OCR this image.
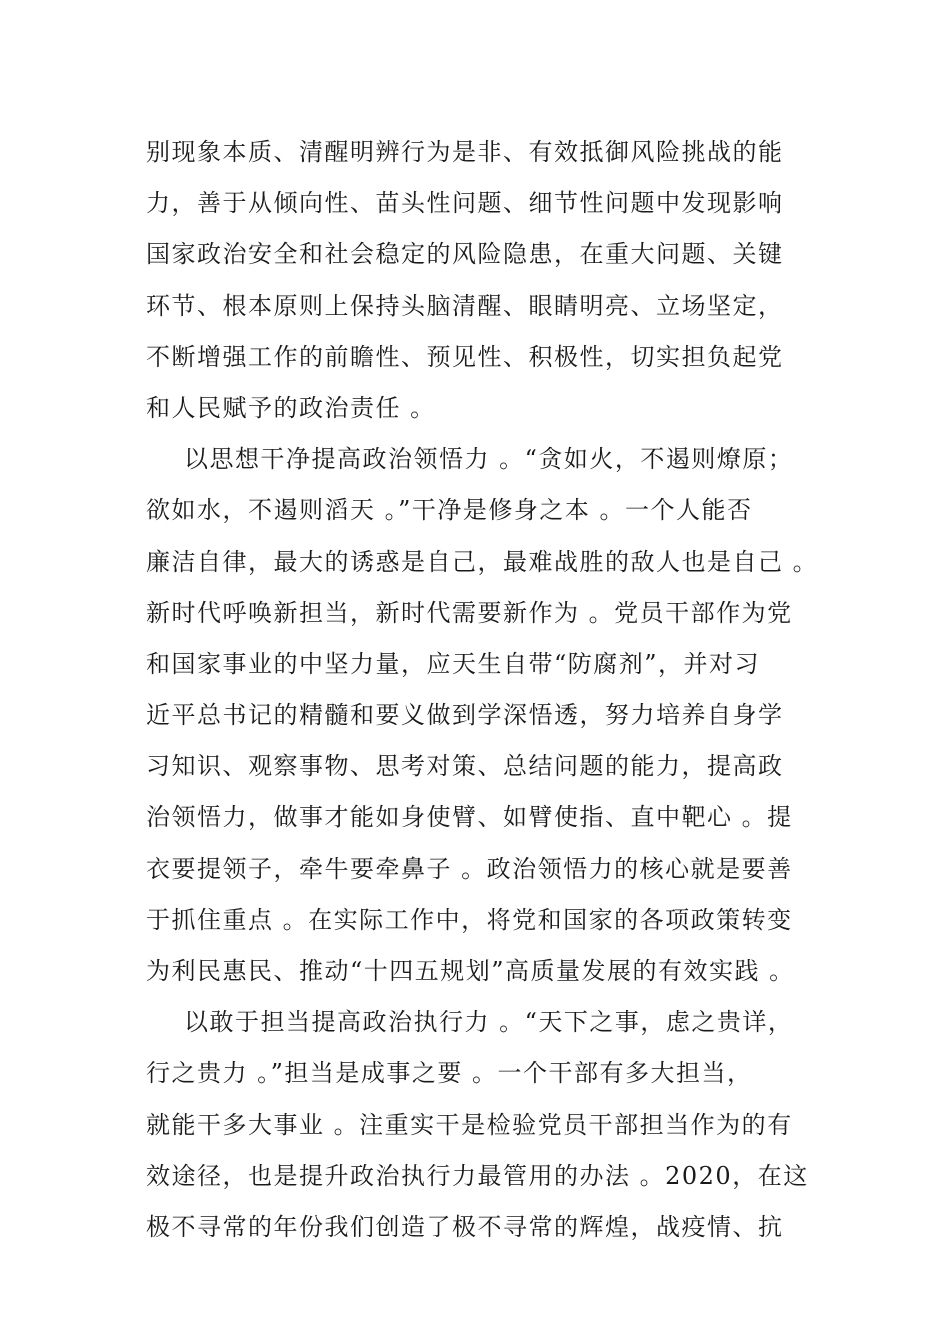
别现象本质、清醒明辨行为是非、有效抵御风险挑战的能
力，善于从倾向性、苗头性问题、细节性问题中发现影响
国家政治安全和社会稳定的风险隐患，在重大问题、关键
环节、根本原则上保持头脑清醒、眼睛明亮、立场坚定，
不断增强工作的前瞻性、预见性、积极性，切实担负起党
和人民赋予的政治责任 。
以思想干净提高政治领悟力 。“贪如火，不遏则燎原；
欲如水，不遏则滔天 。”干净是修身之本 。一个人能否
廉洁自律，最大的诱惑是自己，最难战胜的敌人也是自己 。
新时代呼唤新担当，新时代需要新作为 。党员干部作为党
和国家事业的中坚力量，应天生自带“防腐剂”，并对习
近平总书记的精髓和要义做到学深悟透，努力培养自身学
习知识、观察事物、思考对策、总结问题的能力，提高政
治领悟力，做事才能如身使臂、如臂使指、直中靶心 。提
衣要提领子，牵牛要牵鼻子 。政治领悟力的核心就是要善
于抓住重点 。在实际工作中，将党和国家的各项政策转变
为利民惠民、推动“十四五规划”高质量发展的有效实践 。
以敢于担当提高政治执行力 。“天下之事，虑之贵详，
行之贵力 。”担当是成事之要 。一个干部有多大担当，
就能干多大事业 。注重实干是检验党员干部担当作为的有
效途径，也是提升政治执行力最管用的办法 。2020，在这
极不寻常的年份我们创造了极不寻常的辉煌，战疫情、抗
